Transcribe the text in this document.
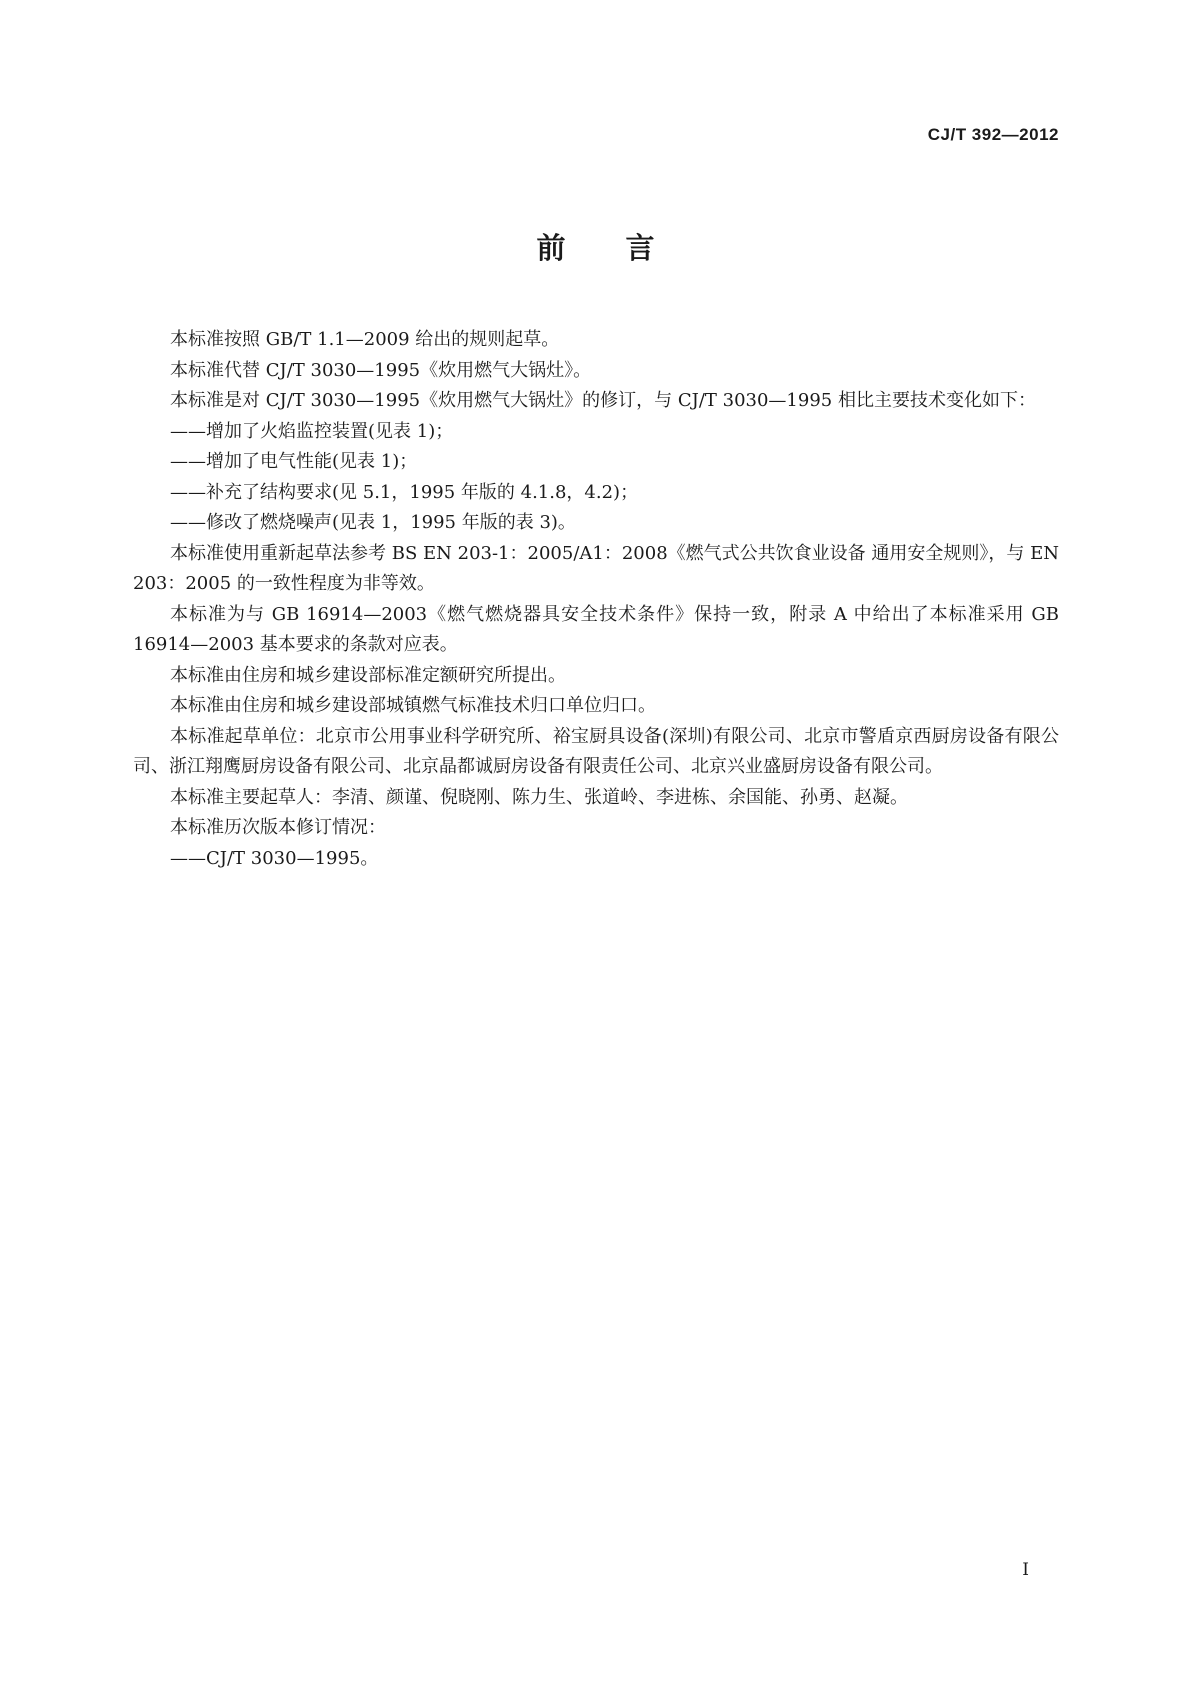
CJ/T 392—2012
前言

本标准按照 GB/T 1.1—2009 给出的规则起草。

本标准代替 CJ/T 3030—1995《炊用燃气大锅灶》。

本标准是对 CJ/T 3030—1995《炊用燃气大锅灶》的修订，与 CJ/T 3030—1995 相比主要技术变化如下：

——增加了火焰监控装置(见表 1)；

——增加了电气性能(见表 1)；

——补充了结构要求(见 5.1，1995 年版的 4.1.8，4.2)；

——修改了燃烧噪声(见表 1，1995 年版的表 3)。

本标准使用重新起草法参考 BS EN 203-1：2005/A1：2008《燃气式公共饮食业设备 通用安全规则》，与 EN 203：2005 的一致性程度为非等效。

本标准为与 GB 16914—2003《燃气燃烧器具安全技术条件》保持一致，附录 A 中给出了本标准采用 GB 16914—2003 基本要求的条款对应表。

本标准由住房和城乡建设部标准定额研究所提出。

本标准由住房和城乡建设部城镇燃气标准技术归口单位归口。

本标准起草单位：北京市公用事业科学研究所、裕宝厨具设备(深圳)有限公司、北京市警盾京西厨房设备有限公司、浙江翔鹰厨房设备有限公司、北京晶都诚厨房设备有限责任公司、北京兴业盛厨房设备有限公司。

本标准主要起草人：李清、颜谨、倪晓刚、陈力生、张道岭、李进栋、余国能、孙勇、赵凝。

本标准历次版本修订情况：

——CJ/T 3030—1995。

I
